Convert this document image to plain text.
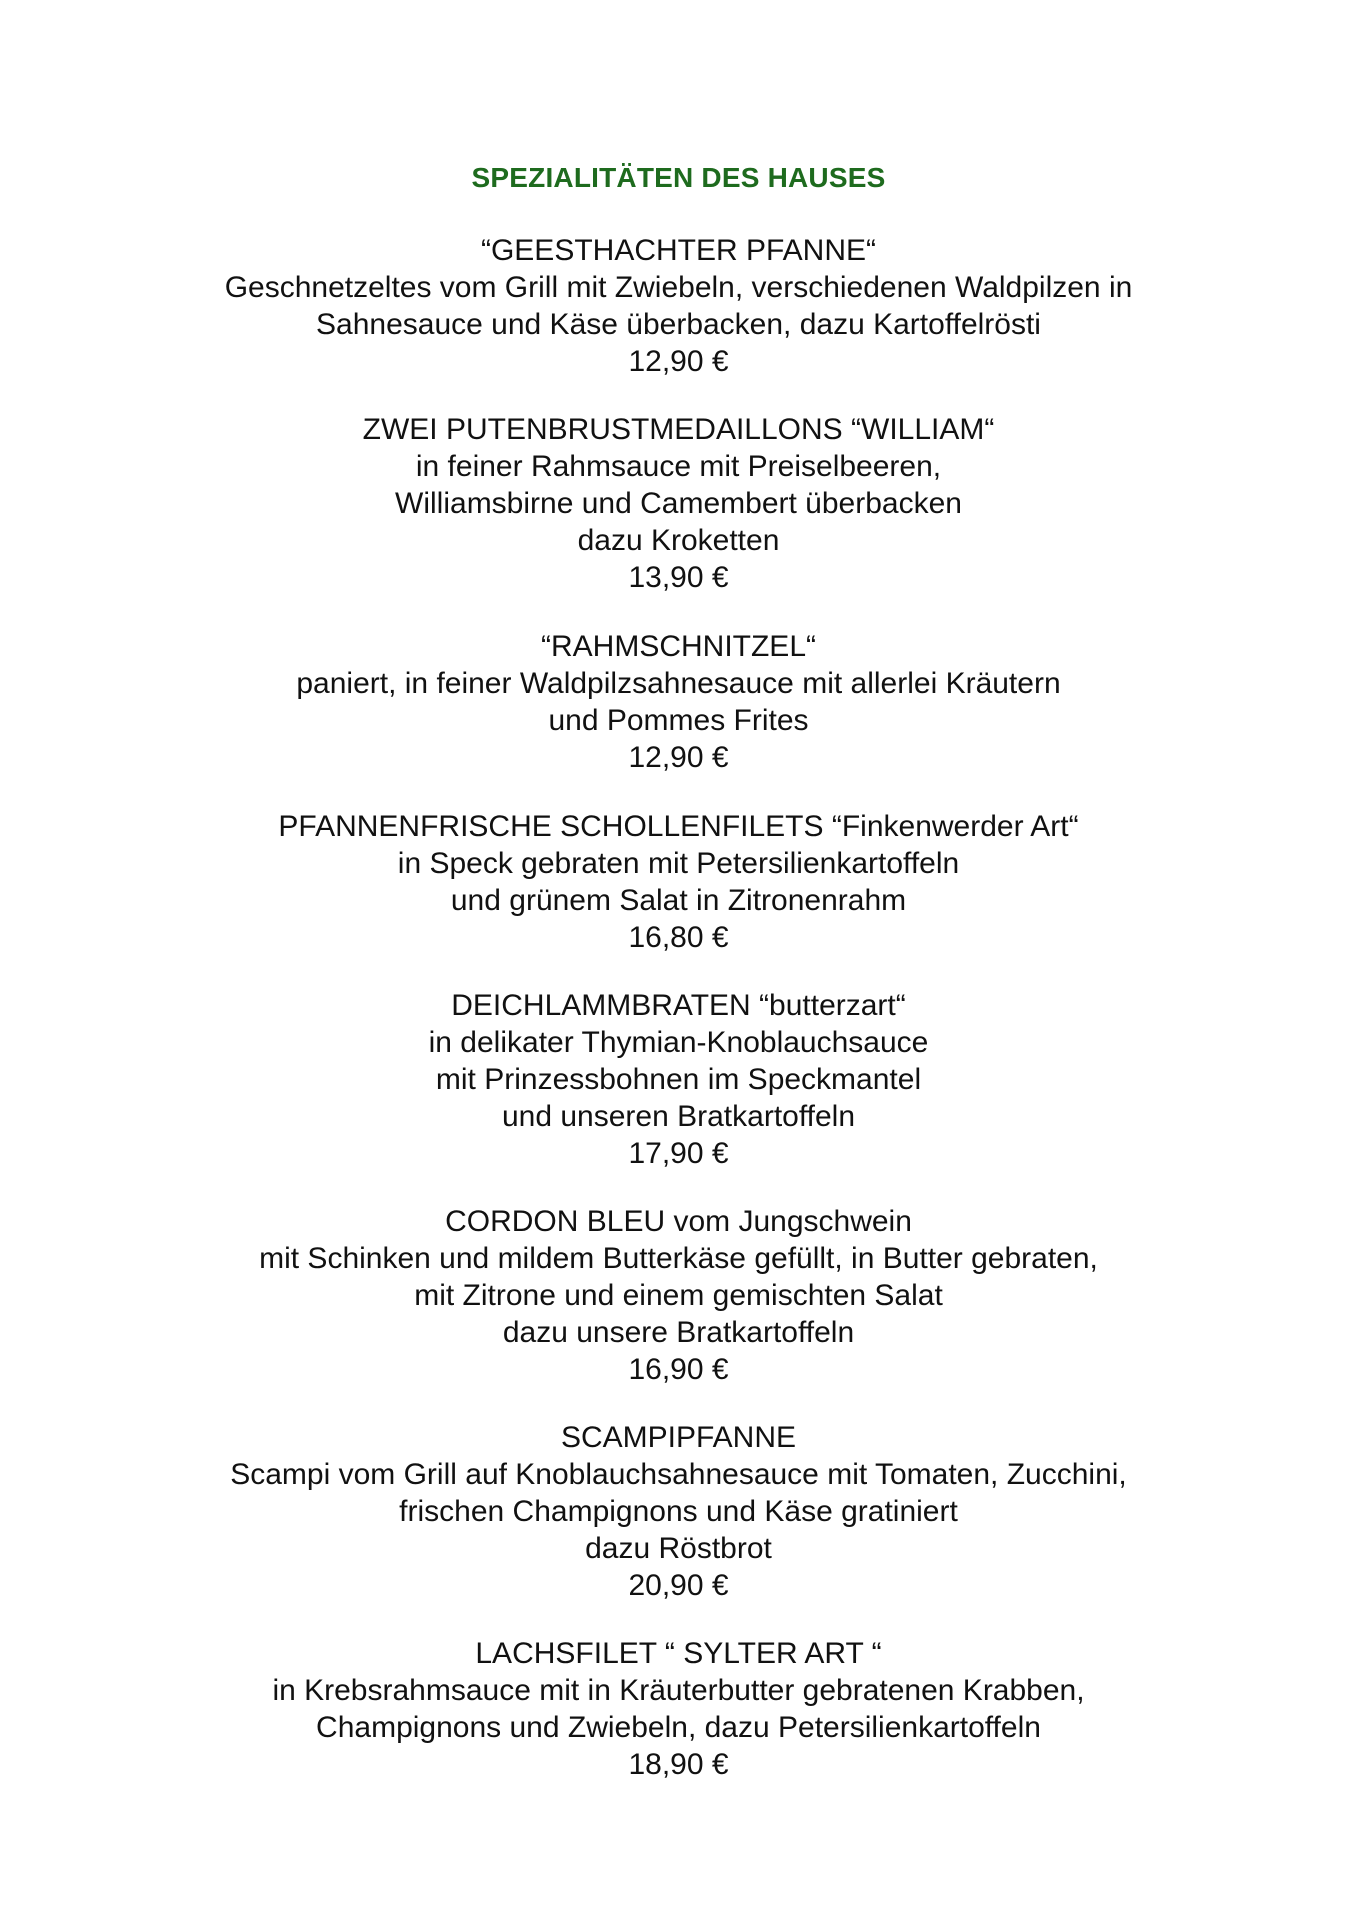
SPEZIALITÄTEN DES HAUSES
“GEESTHACHTER PFANNE“
Geschnetzeltes vom Grill mit Zwiebeln, verschiedenen Waldpilzen in
Sahnesauce und Käse überbacken, dazu Kartoffelrösti
12,90 €
ZWEI PUTENBRUSTMEDAILLONS “WILLIAM“
in feiner Rahmsauce mit Preiselbeeren,
Williamsbirne und Camembert überbacken
dazu Kroketten
13,90 €
“RAHMSCHNITZEL“
paniert, in feiner Waldpilzsahnesauce mit allerlei Kräutern
und Pommes Frites
12,90 €
PFANNENFRISCHE SCHOLLENFILETS “Finkenwerder Art“
in Speck gebraten mit Petersilienkartoffeln
und grünem Salat in Zitronenrahm
16,80 €
DEICHLAMMBRATEN “butterzart“
in delikater Thymian-Knoblauchsauce
mit Prinzessbohnen im Speckmantel
und unseren Bratkartoffeln
17,90 €
CORDON BLEU vom Jungschwein
mit Schinken und mildem Butterkäse gefüllt, in Butter gebraten,
mit Zitrone und einem gemischten Salat
dazu unsere Bratkartoffeln
16,90 €
SCAMPIPFANNE
Scampi vom Grill auf Knoblauchsahnesauce mit Tomaten, Zucchini,
frischen Champignons und Käse gratiniert
dazu Röstbrot
20,90 €
LACHSFILET “ SYLTER ART “
in Krebsrahmsauce mit in Kräuterbutter gebratenen Krabben,
Champignons und Zwiebeln, dazu Petersilienkartoffeln
18,90 €
